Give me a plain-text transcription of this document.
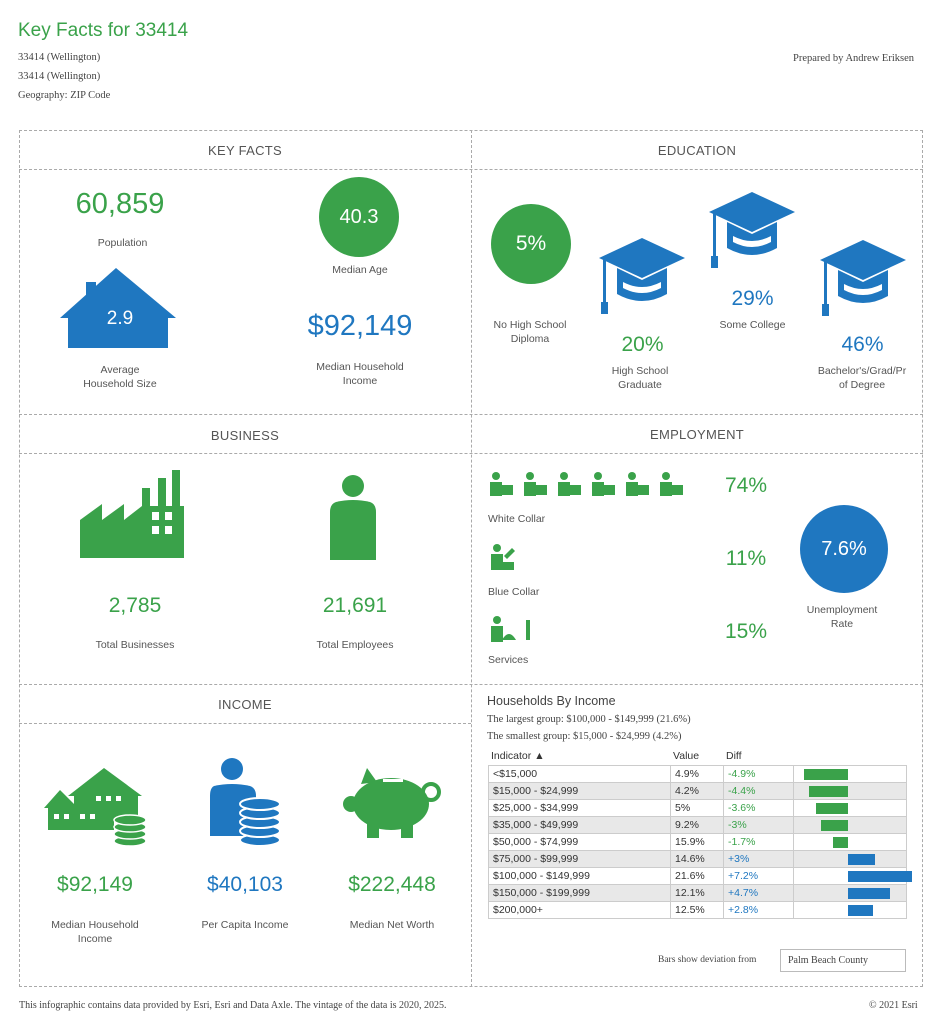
Key Facts for 33414
33414 (Wellington)
33414 (Wellington)
Geography: ZIP Code
Prepared by Andrew Eriksen
KEY FACTS
60,859
Population
40.3
Median Age
2.9
Average
Household Size
$92,149
Median Household
Income
EDUCATION
5%
No High School
Diploma	20%
High School
Graduate
29%
Some College
46%
Bachelor's/Grad/Pr
of Degree
BUSINESS
2,785
Total Businesses
21,691
Total Employees
EMPLOYMENT
74%
White Collar
11%
Blue Collar
15%
Services
7.6%
Unemployment
Rate
INCOME
$92,149
Median Household
Income
$40,103
Per Capita Income
$222,448
Median Net Worth
Households By Income
The largest group: $100,000 - $149,999 (21.6%)
The smallest group: $15,000 - $24,999 (4.2%)
Indicator ▲	Value	Diff
<$15,000	4.9%	-4.9%	

$15,000 - $24,999	4.2%	-4.4%	

$25,000 - $34,999	5%	-3.6%	

$35,000 - $49,999	9.2%	-3%	

$50,000 - $74,999	15.9%	-1.7%	

$75,000 - $99,999	14.6%	+3%	

$100,000 - $149,999	21.6%	+7.2%	

$150,000 - $199,999	12.1%	+4.7%	

$200,000+	12.5%	+2.8%	
Bars show deviation from	Palm Beach County
This infographic contains data provided by Esri, Esri and Data Axle. The vintage of the data is 2020, 2025.	© 2021 Esri
